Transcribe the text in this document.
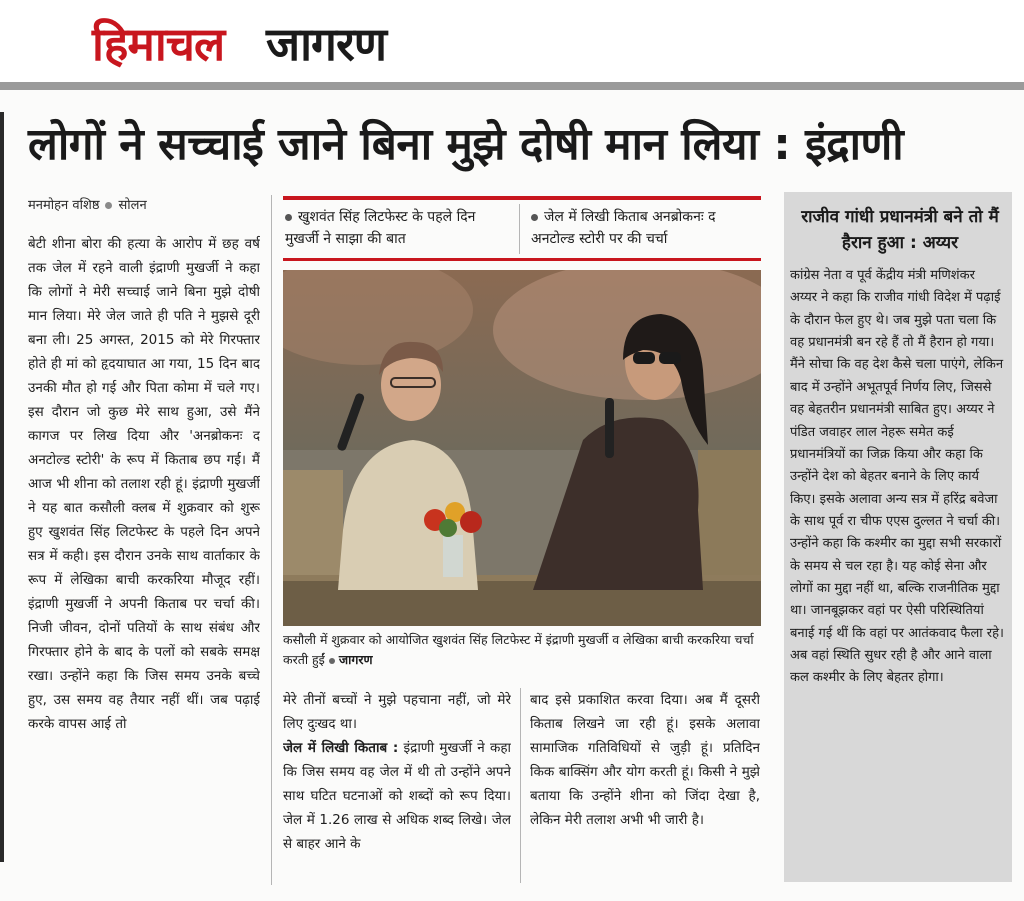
हिमाचल जागरण
लोगों ने सच्चाई जाने बिना मुझे दोषी मान लिया : इंद्राणी
मनमोहन वशिष्ठ सोलन
बेटी शीना बोरा की हत्या के आरोप में छह वर्ष तक जेल में रहने वाली इंद्राणी मुखर्जी ने कहा कि लोगों ने मेरी सच्चाई जाने बिना मुझे दोषी मान लिया। मेरे जेल जाते ही पति ने मुझसे दूरी बना ली। 25 अगस्त, 2015 को मेरे गिरफ्तार होते ही मां को हृदयाघात आ गया, 15 दिन बाद उनकी मौत हो गई और पिता कोमा में चले गए। इस दौरान जो कुछ मेरे साथ हुआ, उसे मैंने कागज पर लिख दिया और 'अनब्रोकनः द अनटोल्ड स्टोरी' के रूप में किताब छप गई। मैं आज भी शीना को तलाश रही हूं। इंद्राणी मुखर्जी ने यह बात कसौली क्लब में शुक्रवार को शुरू हुए खुशवंत सिंह लिटफेस्ट के पहले दिन अपने सत्र में कही। इस दौरान उनके साथ वार्ताकार के रूप में लेखिका बाची करकरिया मौजूद रहीं। इंद्राणी मुखर्जी ने अपनी किताब पर चर्चा की। निजी जीवन, दोनों पतियों के साथ संबंध और गिरफ्तार होने के बाद के पलों को सबके समक्ष रखा। उन्होंने कहा कि जिस समय उनके बच्चे हुए, उस समय वह तैयार नहीं थीं। जब पढ़ाई करके वापस आई तो
खुशवंत सिंह लिटफेस्ट के पहले दिन मुखर्जी ने साझा की बात
जेल में लिखी किताब अनब्रोकनः द अनटोल्ड स्टोरी पर की चर्चा
कसौली में शुक्रवार को आयोजित खुशवंत सिंह लिटफेस्ट में इंद्राणी मुखर्जी व लेखिका बाची करकरिया चर्चा करती हुईं जागरण
मेरे तीनों बच्चों ने मुझे पहचाना नहीं, जो मेरे लिए दुःखद था।
जेल में लिखी किताब : इंद्राणी मुखर्जी ने कहा कि जिस समय वह जेल में थी तो उन्होंने अपने साथ घटित घटनाओं को शब्दों को रूप दिया। जेल में 1.26 लाख से अधिक शब्द लिखे। जेल से बाहर आने के
बाद इसे प्रकाशित करवा दिया। अब मैं दूसरी किताब लिखने जा रही हूं। इसके अलावा सामाजिक गतिविधियों से जुड़ी हूं। प्रतिदिन किक बाक्सिंग और योग करती हूं। किसी ने मुझे बताया कि उन्होंने शीना को जिंदा देखा है, लेकिन मेरी तलाश अभी भी जारी है।
राजीव गांधी प्रधानमंत्री बने तो मैं हैरान हुआ : अय्यर
कांग्रेस नेता व पूर्व केंद्रीय मंत्री मणिशंकर अय्यर ने कहा कि राजीव गांधी विदेश में पढ़ाई के दौरान फेल हुए थे। जब मुझे पता चला कि वह प्रधानमंत्री बन रहे हैं तो मैं हैरान हो गया। मैंने सोचा कि वह देश कैसे चला पाएंगे, लेकिन बाद में उन्होंने अभूतपूर्व निर्णय लिए, जिससे वह बेहतरीन प्रधानमंत्री साबित हुए। अय्यर ने पंडित जवाहर लाल नेहरू समेत कई प्रधानमंत्रियों का जिक्र किया और कहा कि उन्होंने देश को बेहतर बनाने के लिए कार्य किए। इसके अलावा अन्य सत्र में हरिंद्र बवेजा के साथ पूर्व रा चीफ एएस दुल्लत ने चर्चा की। उन्होंने कहा कि कश्मीर का मुद्दा सभी सरकारों के समय से चल रहा है। यह कोई सेना और लोगों का मुद्दा नहीं था, बल्कि राजनीतिक मुद्दा था। जानबूझकर वहां पर ऐसी परिस्थितियां बनाई गई थीं कि वहां पर आतंकवाद फैला रहे। अब वहां स्थिति सुधर रही है और आने वाला कल कश्मीर के लिए बेहतर होगा।
